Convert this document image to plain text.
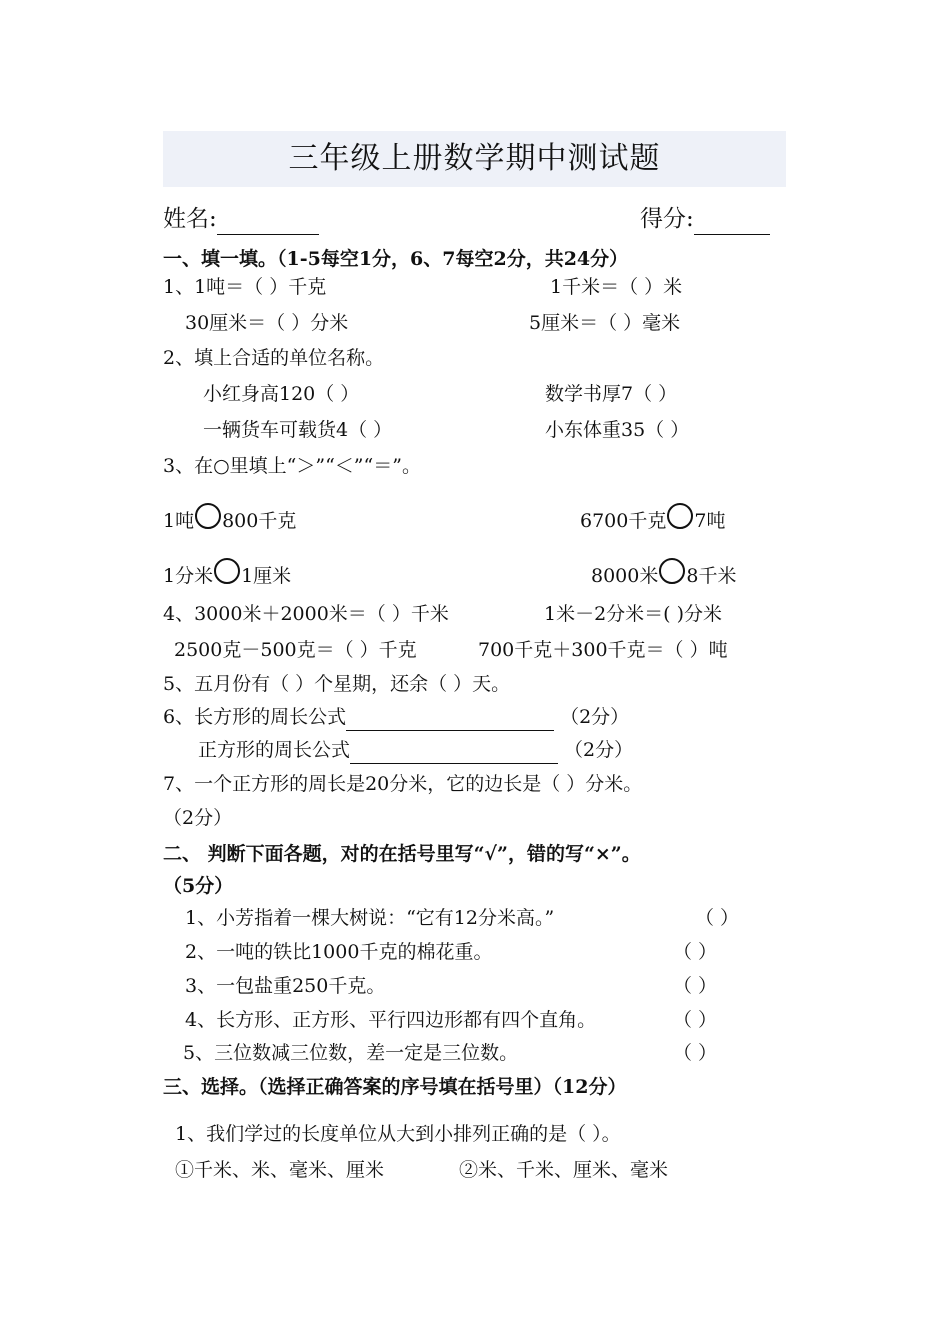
三年级上册数学期中测试题
姓名:	得分:
一、填一填。（1-5每空1分，6、7每空2分，共24分）
1、1吨＝（ ）千克	1千米＝（ ）米
30厘米＝（ ）分米	5厘米＝（ ）毫米
2、填上合适的单位名称。
小红身高120（ ）	数学书厚7（ ）
一辆货车可载货4（ ）	小东体重35（ ）
3、在○里填上“＞”“＜”“＝”。
1吨 800千克	6700千克 7吨
1分米 1厘米	8000米 8千米
4、3000米＋2000米＝（ ）千米	1米－2分米＝( )分米
2500克－500克＝（ ）千克	700千克＋300千克＝（ ）吨
5、五月份有（ ）个星期，还余（ ）天。
6、长方形的周长公式	（2分）
正方形的周长公式	（2分）
7、一个正方形的周长是20分米，它的边长是（ ）分米。
（2分）
二、 判断下面各题，对的在括号里写“√”，错的写“×”。
（5分）
1、小芳指着一棵大树说：“它有12分米高。”	（ ）
2、一吨的铁比1000千克的棉花重。	（ ）
3、一包盐重250千克。	（ ）
4、长方形、正方形、平行四边形都有四个直角。	（ ）
5、三位数减三位数，差一定是三位数。	（ ）
三、选择。（选择正确答案的序号填在括号里）（12分）
1、我们学过的长度单位从大到小排列正确的是（ ）。
①千米、米、毫米、厘米	②米、千米、厘米、毫米
